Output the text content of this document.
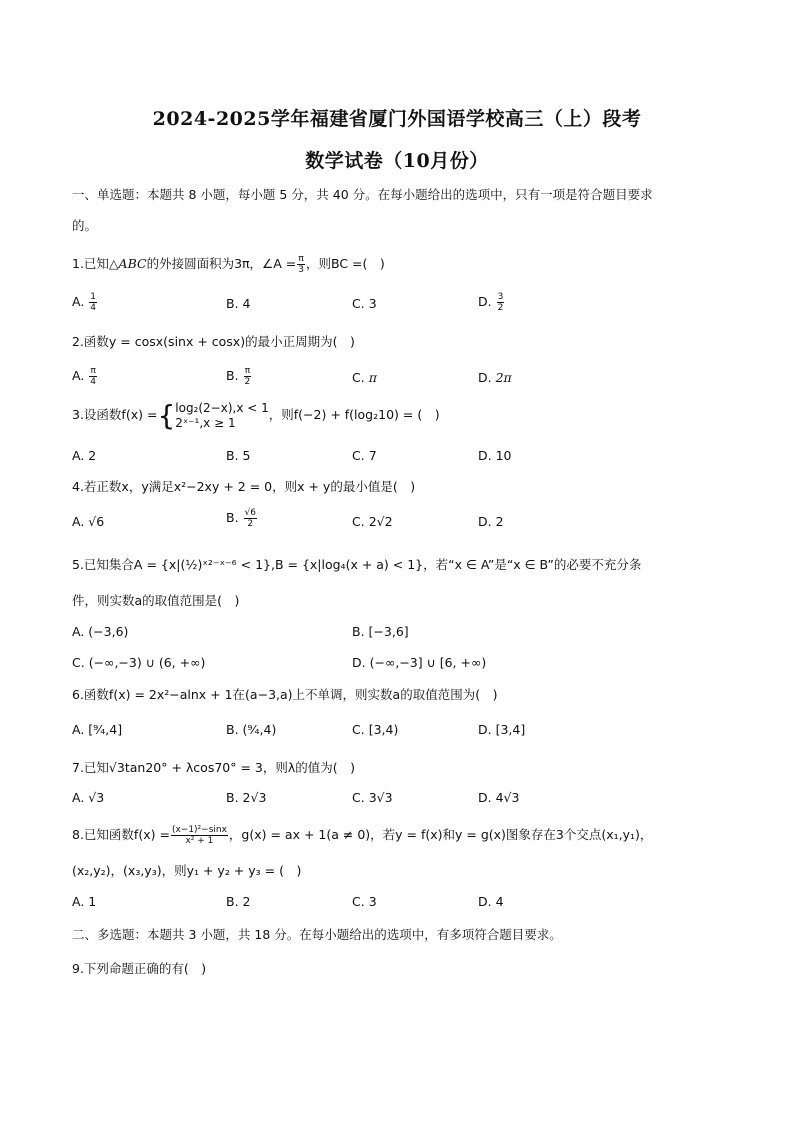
2024-2025学年福建省厦门外国语学校高三（上）段考
数学试卷（10月份）
一、单选题：本题共 8 小题，每小题 5 分，共 40 分。在每小题给出的选项中，只有一项是符合题目要求
的。
1.已知△ABC的外接圆面积为3π，∠A = $\frac{\pi}{3}$ ，则BC =(　)
A. $\frac{1}{4}$	B. 4	C. 3	D. $\frac{3}{2}$
2.函数y = cosx(sinx + cosx)的最小正周期为(　)
A. $\frac{\pi}{4}$	B. $\frac{\pi}{2}$	C. π	D. 2π
3.设函数f(x) ={ log₂(2−x),x < 1
2ˣ⁻¹,x ≥ 1
，则f(−2) + f(log₂10) = (　)
A. 2	B. 5	C. 7	D. 10
4.若正数x，y满足x²−2xy + 2 = 0，则x + y的最小值是(　)
A. √6	B. $\frac{√6}{2}$	C. 2√2	D. 2
5.已知集合A = {x|(½)ˣ²⁻ˣ⁻⁶ < 1},B = {x|log₄(x + a) < 1}，若“x ∈ A”是“x ∈ B”的必要不充分条
件，则实数a的取值范围是(　)
A. (−3,6)	B. [−3,6]
C. (−∞,−3) ∪ (6, +∞)	D. (−∞,−3] ∪ [6, +∞)
6.函数f(x) = 2x²−alnx + 1在(a−3,a)上不单调，则实数a的取值范围为(　)
A. [⁹⁄₄,4]	B. (⁹⁄₄,4)	C. [3,4)	D. [3,4]
7.已知√3tan20° + λcos70° = 3，则λ的值为(　)
A. √3	B. 2√3	C. 3√3	D. 4√3
8.已知函数$f(x) = \frac{\text{(x−1)²−sinx}}{\text{x² + 1}}$ ，g(x) = ax + 1(a ≠ 0)，若y = f(x)和y = g(x)图象存在3个交点(x₁,y₁)，
(x₂,y₂)，(x₃,y₃)，则y₁ + y₂ + y₃ = (　)
A. 1	B. 2	C. 3	D. 4
二、多选题：本题共 3 小题，共 18 分。在每小题给出的选项中，有多项符合题目要求。
9.下列命题正确的有(　)
